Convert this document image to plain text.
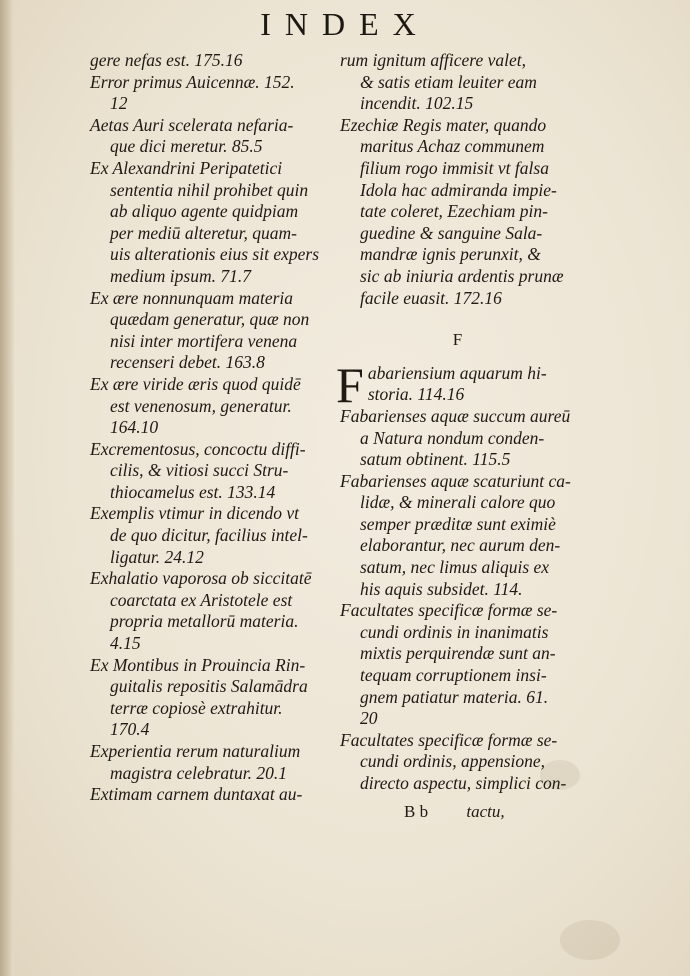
INDEX
gere nefas est. 175.16
Error primus Auicennæ. 152.
12
Aetas Auri scelerata nefaria-
que dici meretur. 85.5
Ex Alexandrini Peripatetici
sententia nihil prohibet quin
ab aliquo agente quidpiam
per mediū alteretur, quam-
uis alterationis eius sit expers
medium ipsum. 71.7
Ex ære nonnunquam materia
quædam generatur, quæ non
nisi inter mortifera venena
recenseri debet. 163.8
Ex ære viride æris quod quidē
est venenosum, generatur.
164.10
Excrementosus, concoctu diffi-
cilis, & vitiosi succi Stru-
thiocamelus est. 133.14
Exemplis vtimur in dicendo vt
de quo dicitur, facilius intel-
ligatur. 24.12
Exhalatio vaporosa ob siccitatē
coarctata ex Aristotele est
propria metallorū materia.
4.15
Ex Montibus in Prouincia Rin-
guitalis repositis Salamādra
terræ copiosè extrahitur.
170.4
Experientia rerum naturalium
magistra celebratur. 20.1
Extimam carnem duntaxat au-
rum ignitum afficere valet,
& satis etiam leuiter eam
incendit. 102.15
Ezechiæ Regis mater, quando
maritus Achaz communem
filium rogo immisit vt falsa
Idola hac admiranda impie-
tate coleret, Ezechiam pin-
guedine & sanguine Sala-
mandræ ignis perunxit, &
sic ab iniuria ardentis prunæ
facile euasit. 172.16
F
F abariensium aquarum hi-
storia. 114.16
Fabarienses aquæ succum aureū
a Natura nondum conden-
satum obtinent. 115.5
Fabarienses aquæ scaturiunt ca-
lidæ, & minerali calore quo
semper præditæ sunt eximiè
elaborantur, nec aurum den-
satum, nec limus aliquis ex
his aquis subsidet. 114.
Facultates specificæ formæ se-
cundi ordinis in inanimatis
mixtis perquirendæ sunt an-
tequam corruptionem insi-
gnem patiatur materia. 61.
20
Facultates specificæ formæ se-
cundi ordinis, appensione,
directo aspectu, simplici con-
B b tactu,
